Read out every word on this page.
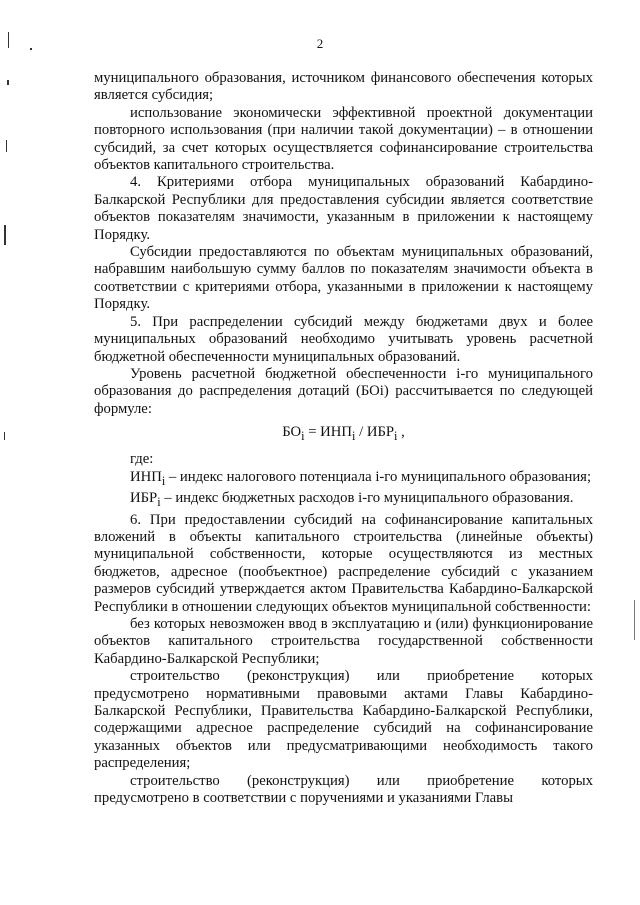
2

муниципального образования, источником финансового обеспечения которых является субсидия;

использование экономически эффективной проектной документации повторного использования (при наличии такой документации) – в отношении субсидий, за счет которых осуществляется софинансирование строительства объектов капитального строительства.

4. Критериями отбора муниципальных образований Кабардино-Балкарской Республики для предоставления субсидии является соответствие объектов показателям значимости, указанным в приложении к настоящему Порядку.

Субсидии предоставляются по объектам муниципальных образований, набравшим наибольшую сумму баллов по показателям значимости объекта в соответствии с критериями отбора, указанными в приложении к настоящему Порядку.

5. При распределении субсидий между бюджетами двух и более муниципальных образований необходимо учитывать уровень расчетной бюджетной обеспеченности муниципальных образований.

Уровень расчетной бюджетной обеспеченности i-го муниципального образования до распределения дотаций (БОi) рассчитывается по следующей формуле:

$БО_i = ИНП_i / ИБР_i$ ,

где:

$ИНП_i$ – индекс налогового потенциала i-го муниципального образования;

$ИБР_i$ – индекс бюджетных расходов i-го муниципального образования.

6. При предоставлении субсидий на софинансирование капитальных вложений в объекты капитального строительства (линейные объекты) муниципальной собственности, которые осуществляются из местных бюджетов, адресное (пообъектное) распределение субсидий с указанием размеров субсидий утверждается актом Правительства Кабардино-Балкарской Республики в отношении следующих объектов муниципальной собственности:

без которых невозможен ввод в эксплуатацию и (или) функционирование объектов капитального строительства государственной собственности Кабардино-Балкарской Республики;

строительство (реконструкция) или приобретение которых предусмотрено нормативными правовыми актами Главы Кабардино-Балкарской Республики, Правительства Кабардино-Балкарской Республики, содержащими адресное распределение субсидий на софинансирование указанных объектов или предусматривающими необходимость такого распределения;

строительство (реконструкция) или приобретение которых предусмотрено в соответствии с поручениями и указаниями Главы
